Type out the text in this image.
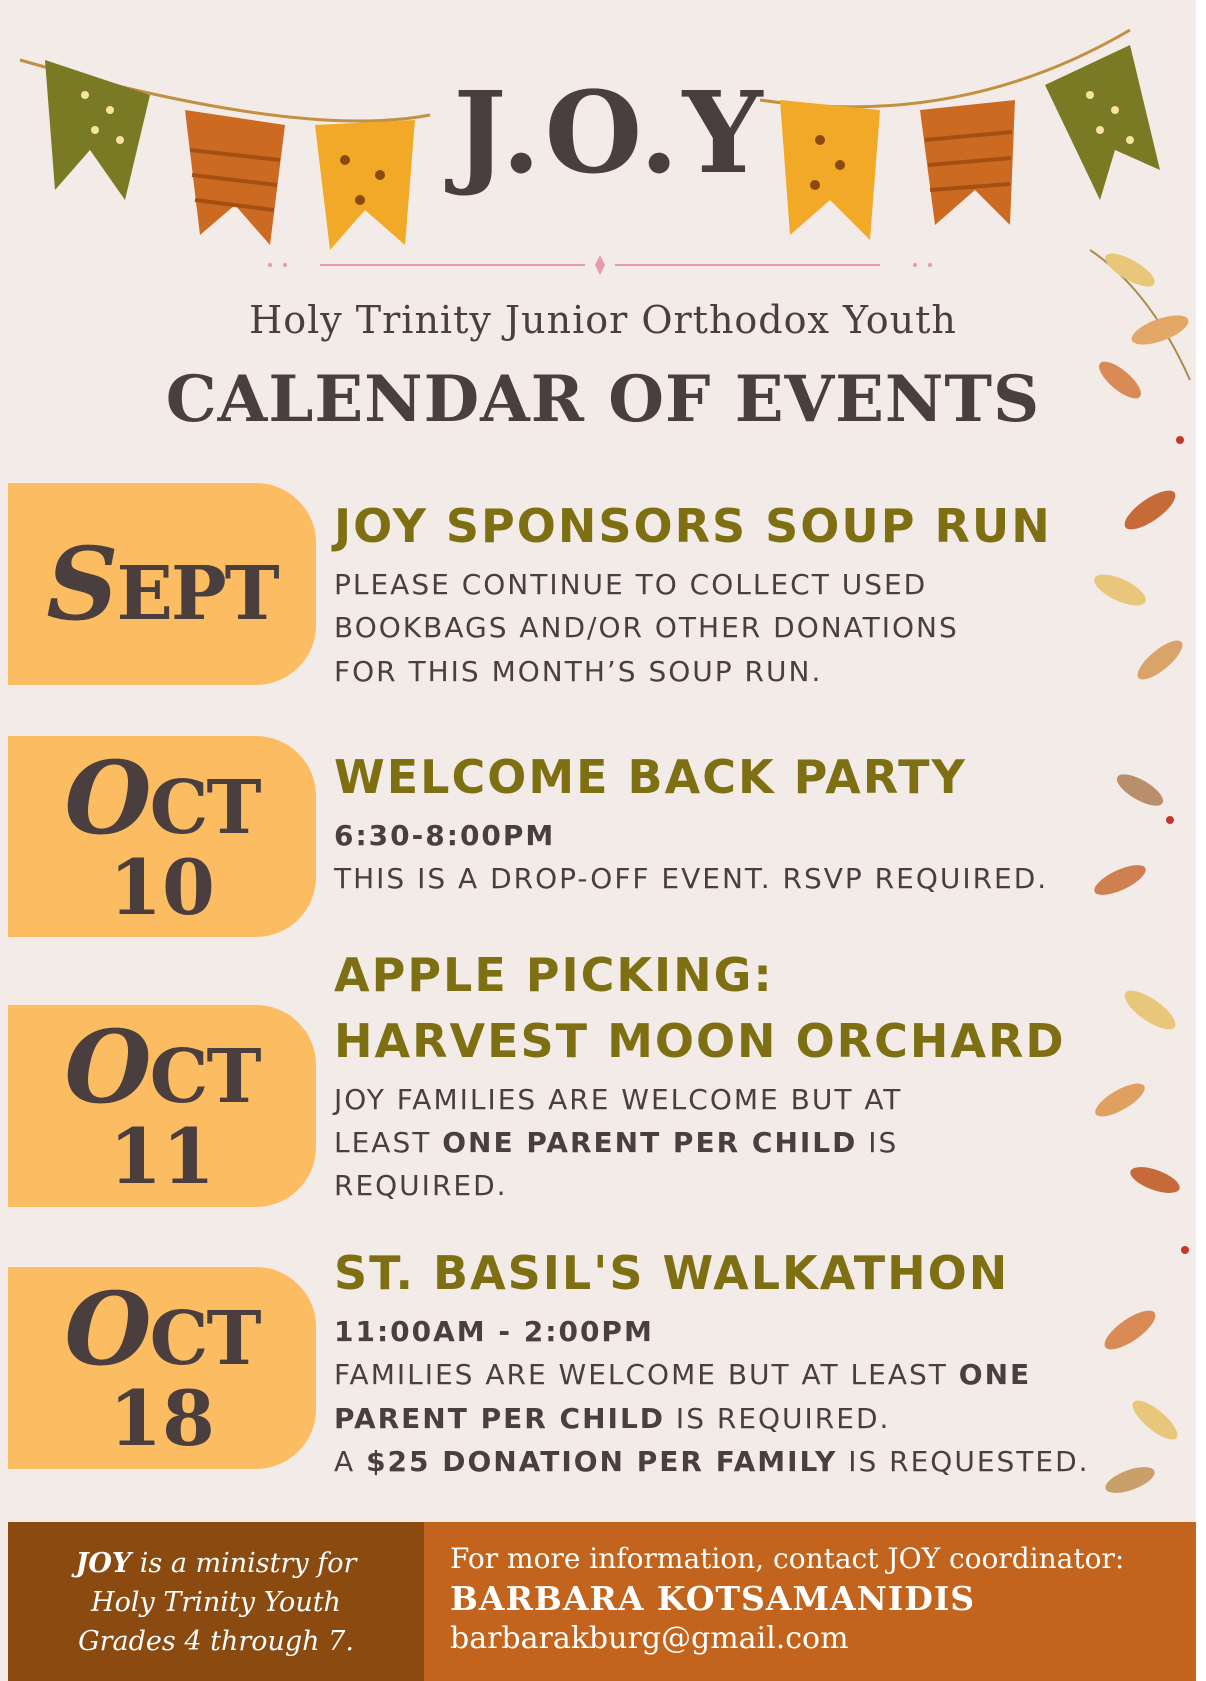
J.O.Y
Holy Trinity Junior Orthodox Youth
CALENDAR OF EVENTS
SEPT
JOY SPONSORS SOUP RUN
PLEASE CONTINUE TO COLLECT USED
BOOKBAGS AND/OR OTHER DONATIONS
FOR THIS MONTH’S SOUP RUN.
OCT
10
WELCOME BACK PARTY
6:30-8:00PM
THIS IS A DROP-OFF EVENT. RSVP REQUIRED.
OCT
11
APPLE PICKING:
HARVEST MOON ORCHARD
JOY FAMILIES ARE WELCOME BUT AT
LEAST ONE PARENT PER CHILD IS
REQUIRED.
OCT
18
ST. BASIL'S WALKATHON
11:00AM - 2:00PM
FAMILIES ARE WELCOME BUT AT LEAST ONE
PARENT PER CHILD IS REQUIRED.
A $25 DONATION PER FAMILY IS REQUESTED.
JOY is a ministry for
Holy Trinity Youth
Grades 4 through 7.
For more information, contact JOY coordinator:
BARBARA KOTSAMANIDIS
barbarakburg@gmail.com
